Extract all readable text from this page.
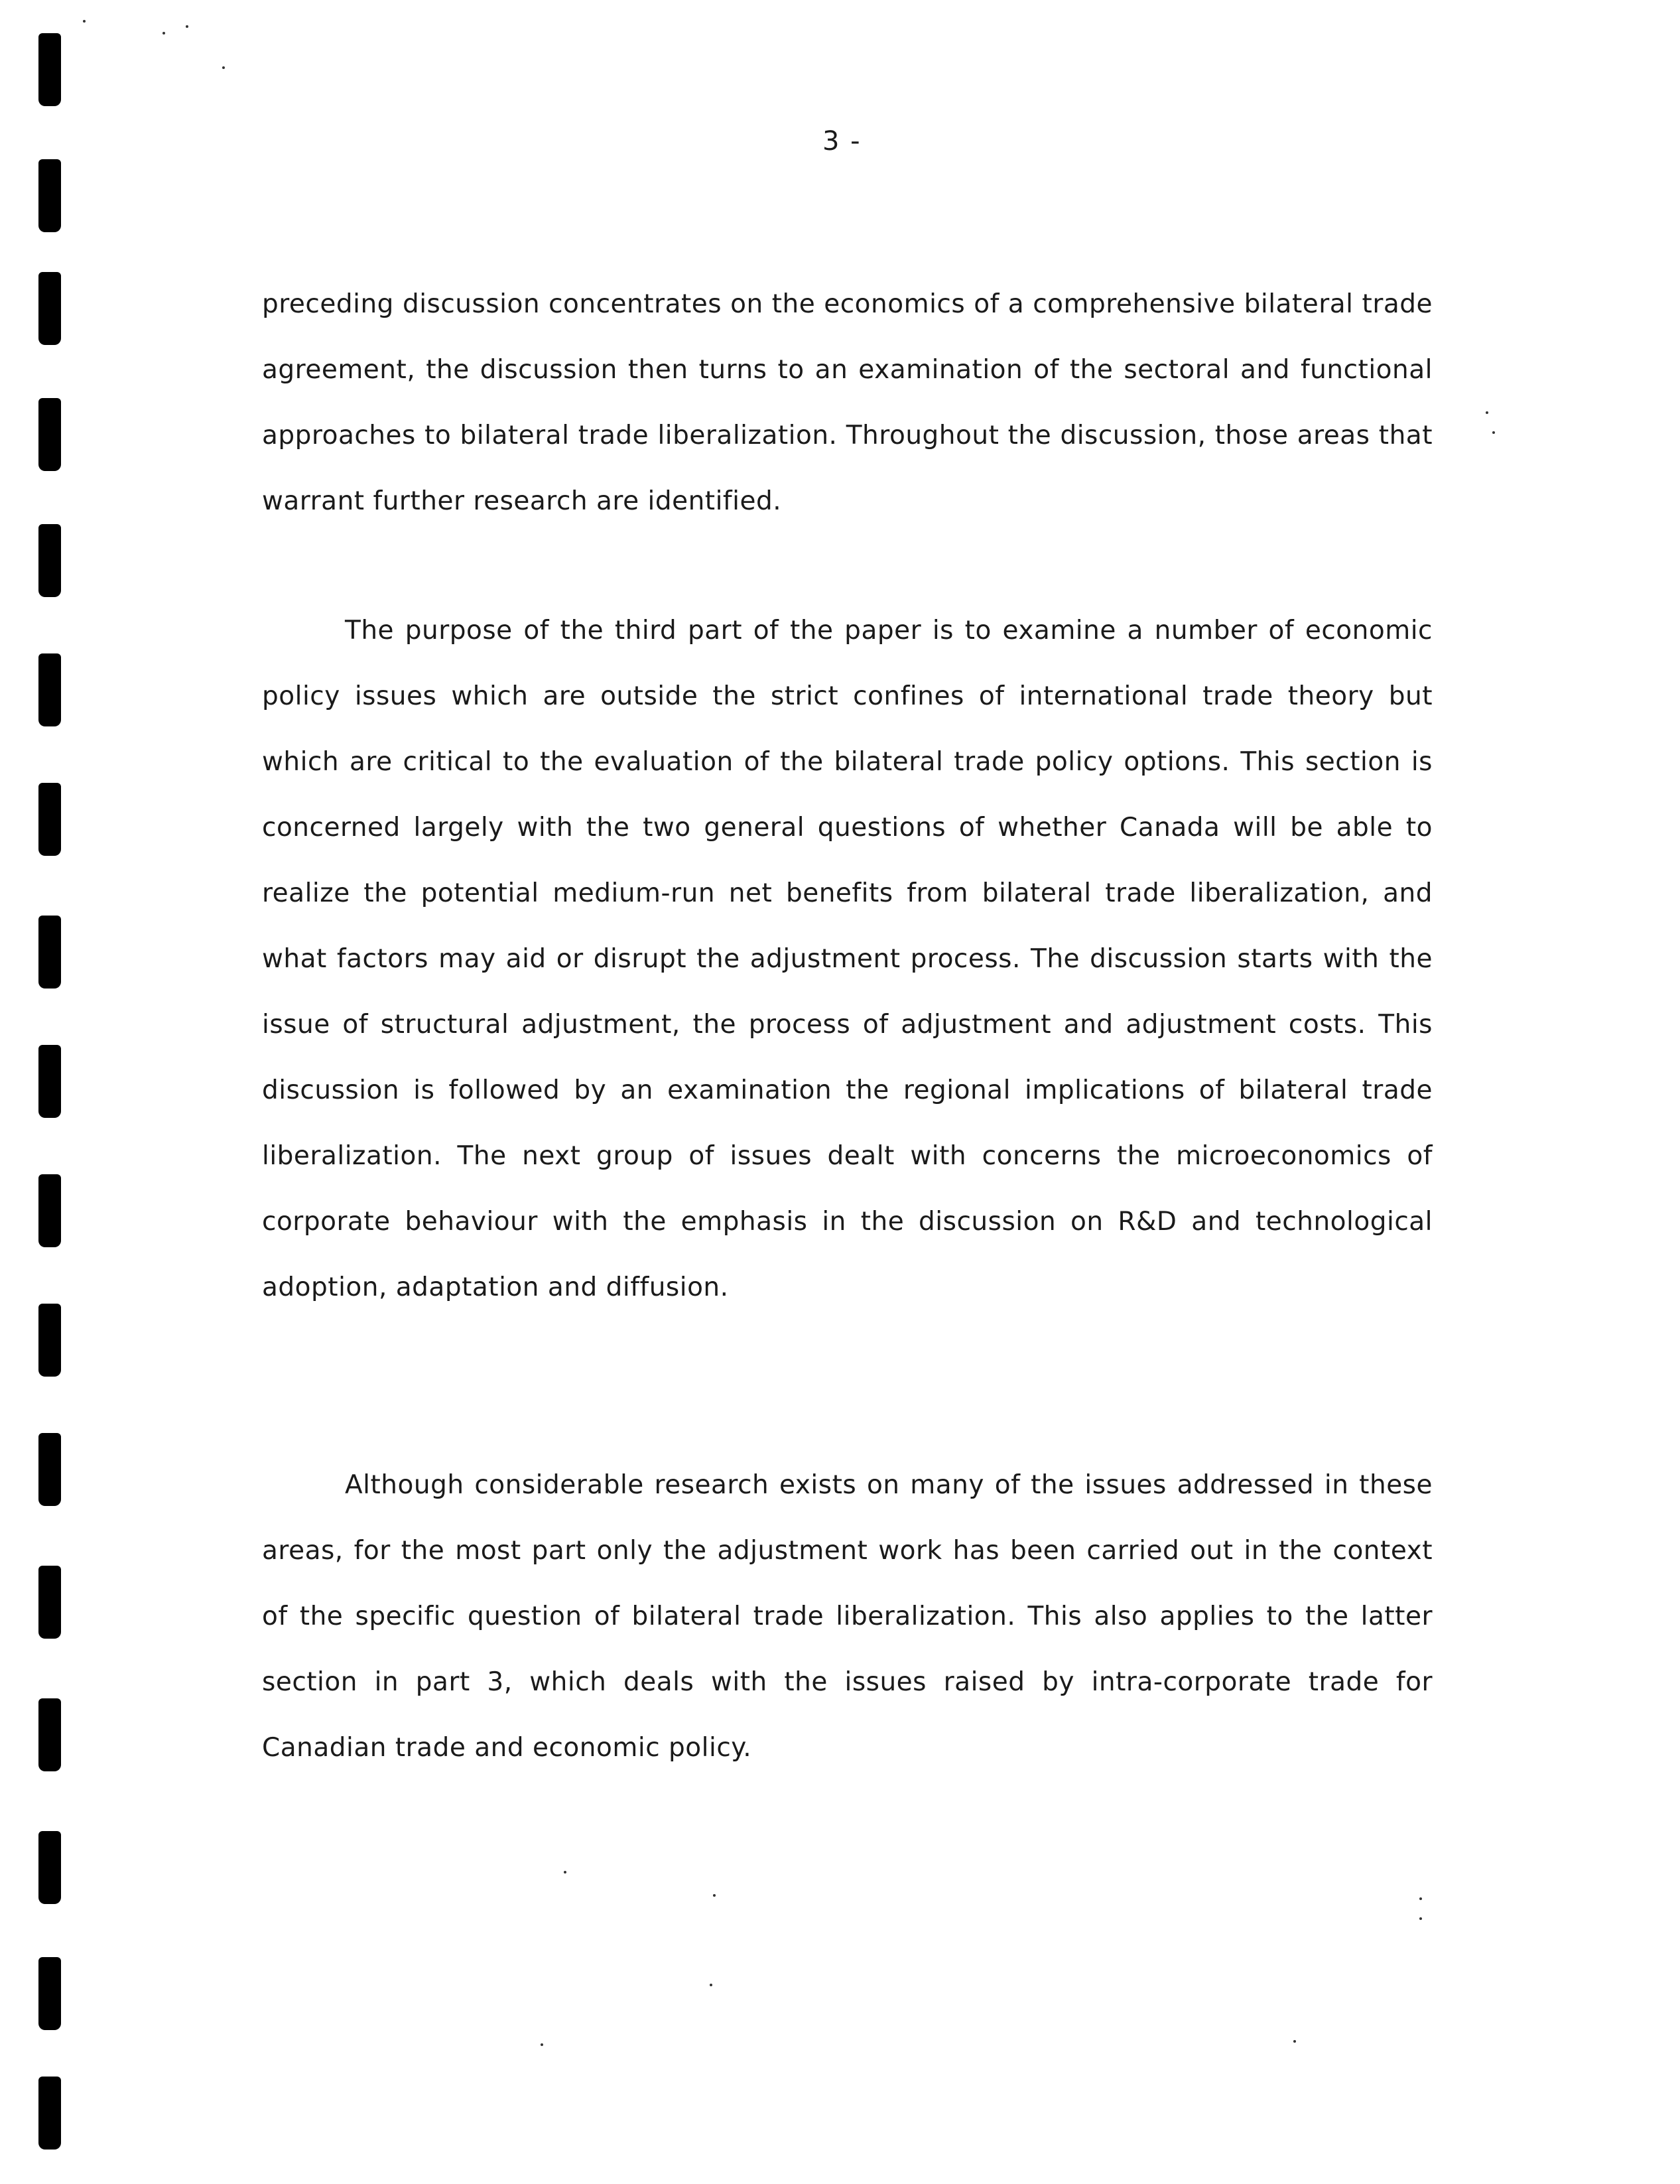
3 -

preceding discussion concentrates on the economics of a comprehensive bilateral trade agreement, the discussion then turns to an examination of the sectoral and functional approaches to bilateral trade liberalization. Throughout the discussion, those areas that warrant further research are identified.

The purpose of the third part of the paper is to examine a number of economic policy issues which are outside the strict confines of international trade theory but which are critical to the evaluation of the bilateral trade policy options. This section is concerned largely with the two general questions of whether Canada will be able to realize the potential medium-run net benefits from bilateral trade liberalization, and what factors may aid or disrupt the adjustment process. The discussion starts with the issue of structural adjustment, the process of adjustment and adjustment costs. This discussion is followed by an examination the regional implications of bilateral trade liberalization. The next group of issues dealt with concerns the microeconomics of corporate behaviour with the emphasis in the discussion on R&D and technological adoption, adaptation and diffusion.

Although considerable research exists on many of the issues addressed in these areas, for the most part only the adjustment work has been carried out in the context of the specific question of bilateral trade liberalization. This also applies to the latter section in part 3, which deals with the issues raised by intra-corporate trade for Canadian trade and economic policy.
